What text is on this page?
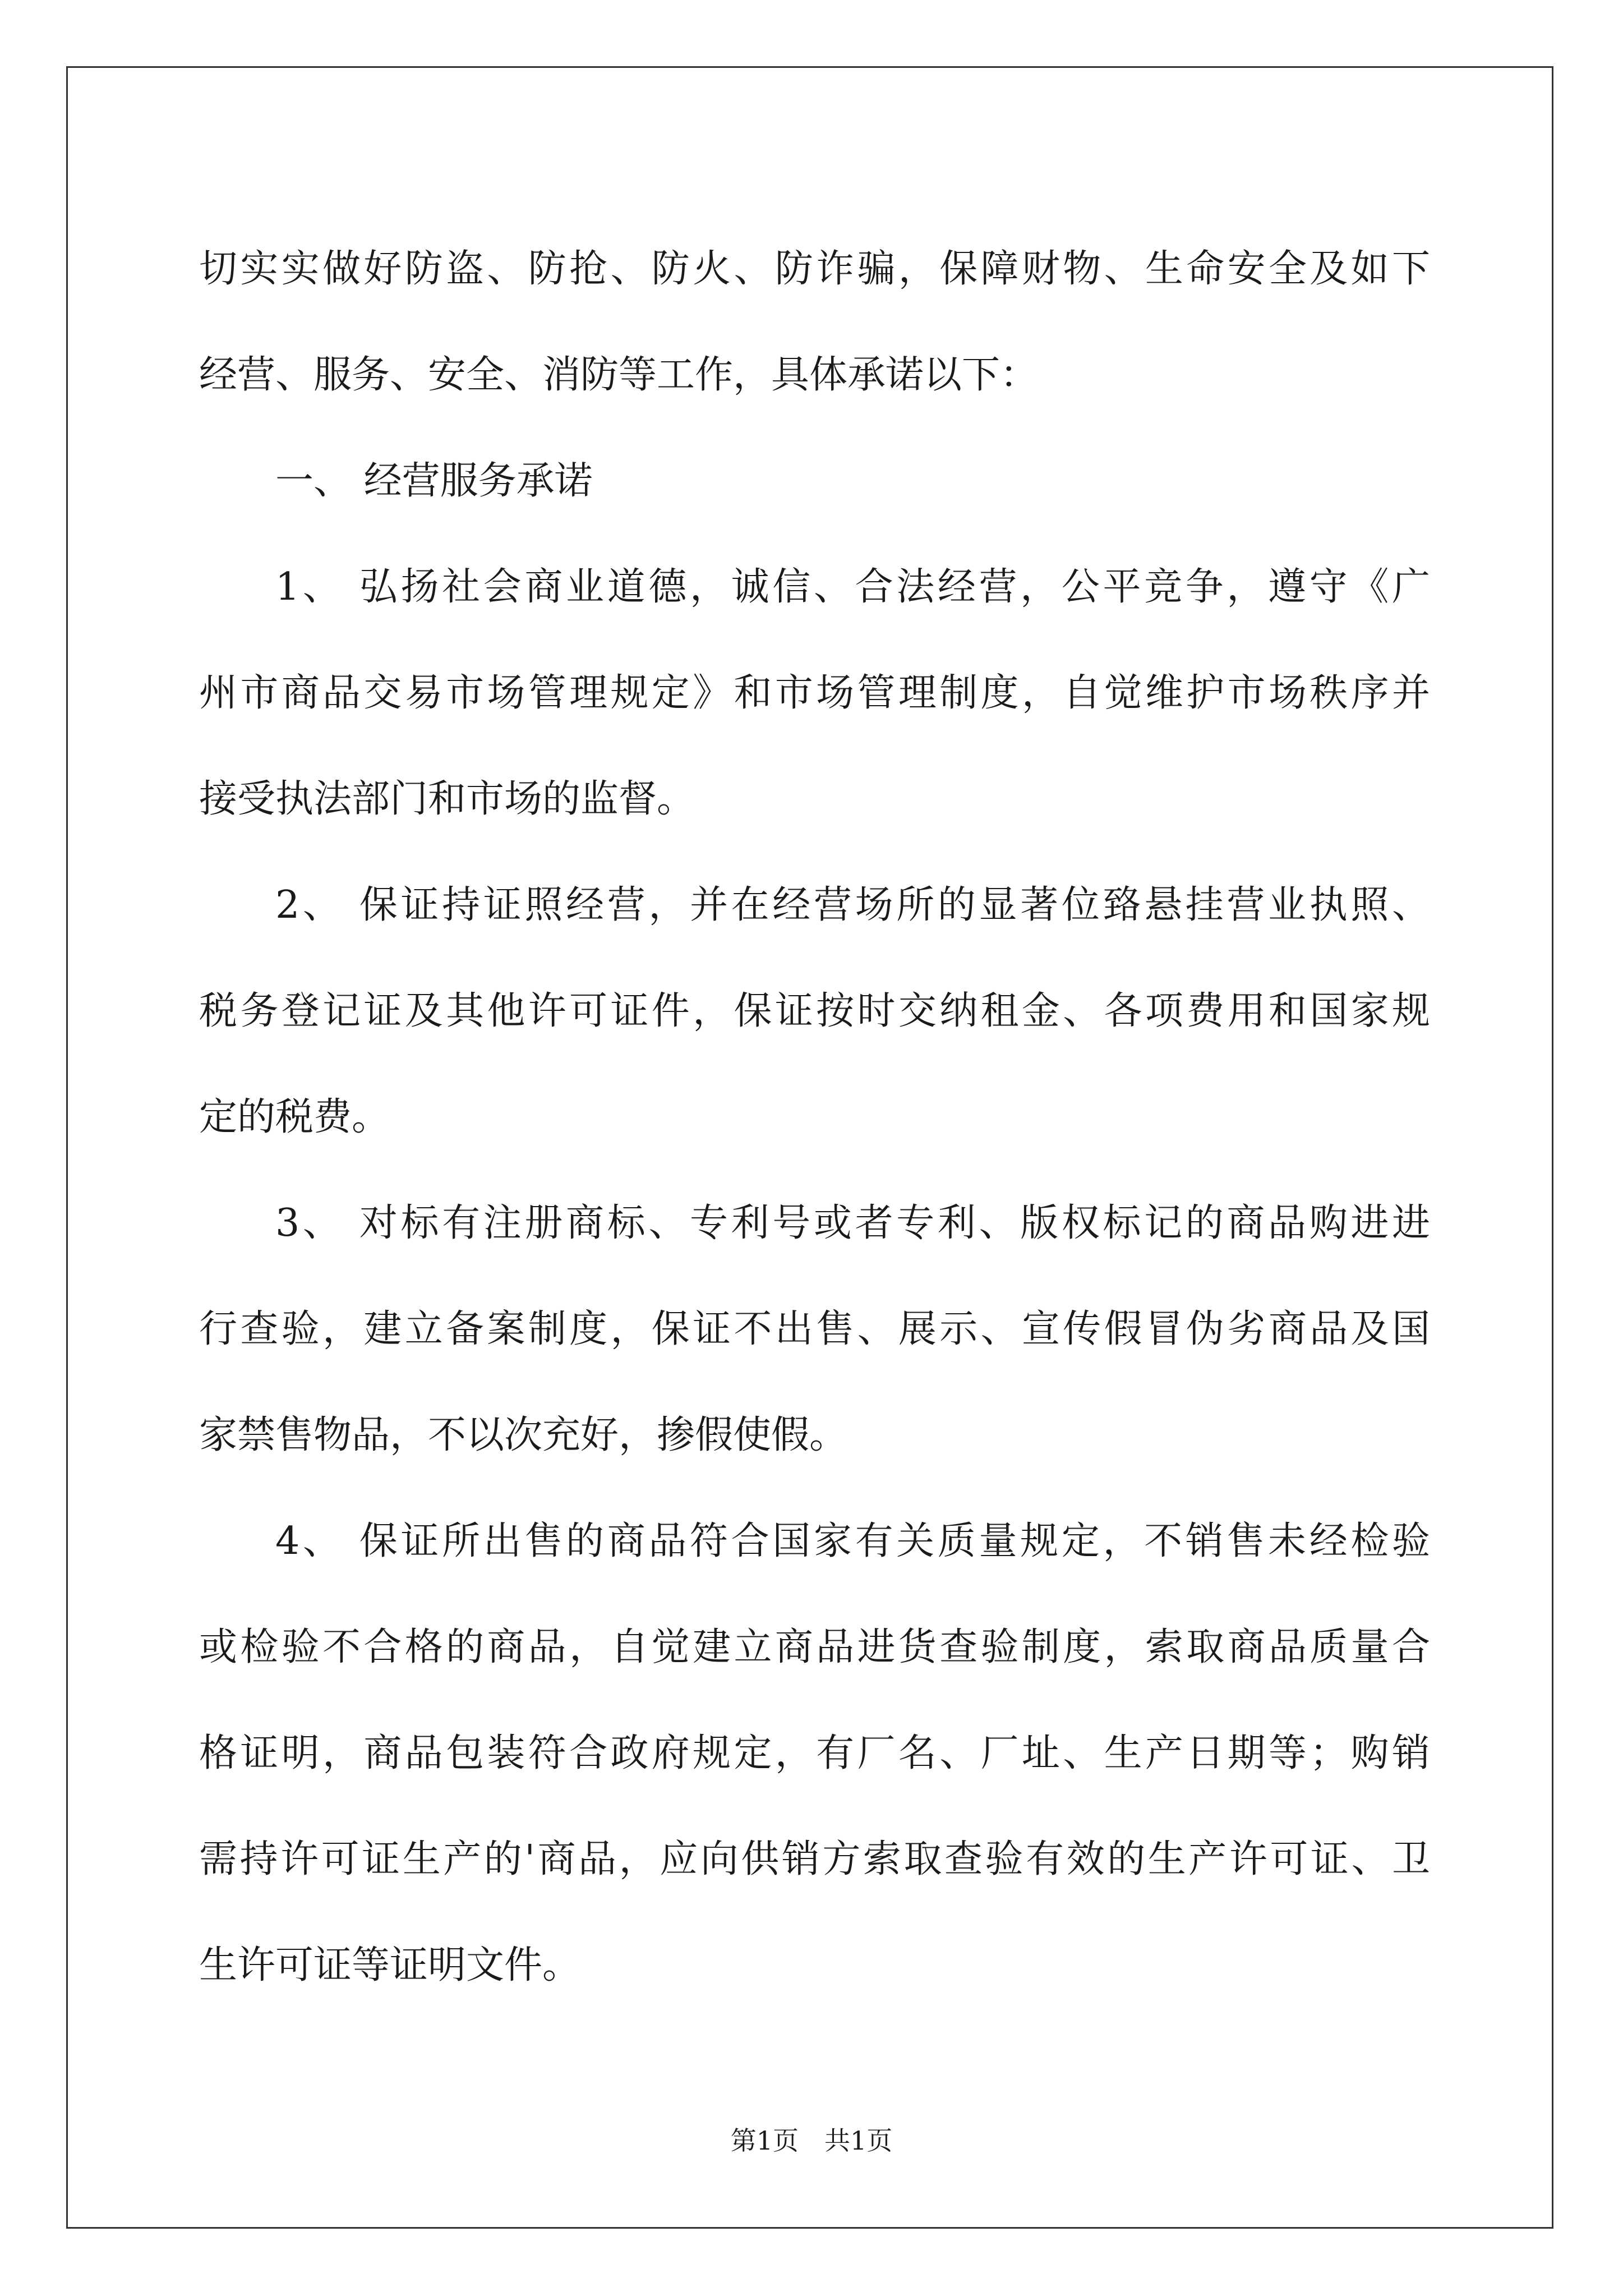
切实实做好防盗、防抢、防火、防诈骗，保障财物、生命安全及如下
经营、服务、安全、消防等工作，具体承诺以下：
一、 经营服务承诺
1、 弘扬社会商业道德，诚信、合法经营，公平竞争，遵守《广
州市商品交易市场管理规定》和市场管理制度，自觉维护市场秩序并
接受执法部门和市场的监督。
2、 保证持证照经营，并在经营场所的显著位臵悬挂营业执照、
税务登记证及其他许可证件，保证按时交纳租金、各项费用和国家规
定的税费。
3、 对标有注册商标、专利号或者专利、版权标记的商品购进进
行查验，建立备案制度，保证不出售、展示、宣传假冒伪劣商品及国
家禁售物品，不以次充好，掺假使假。
4、 保证所出售的商品符合国家有关质量规定，不销售未经检验
或检验不合格的商品，自觉建立商品进货查验制度，索取商品质量合
格证明，商品包装符合政府规定，有厂名、厂址、生产日期等；购销
需持许可证生产的'商品，应向供销方索取查验有效的生产许可证、卫
生许可证等证明文件。
第1页 共1页
